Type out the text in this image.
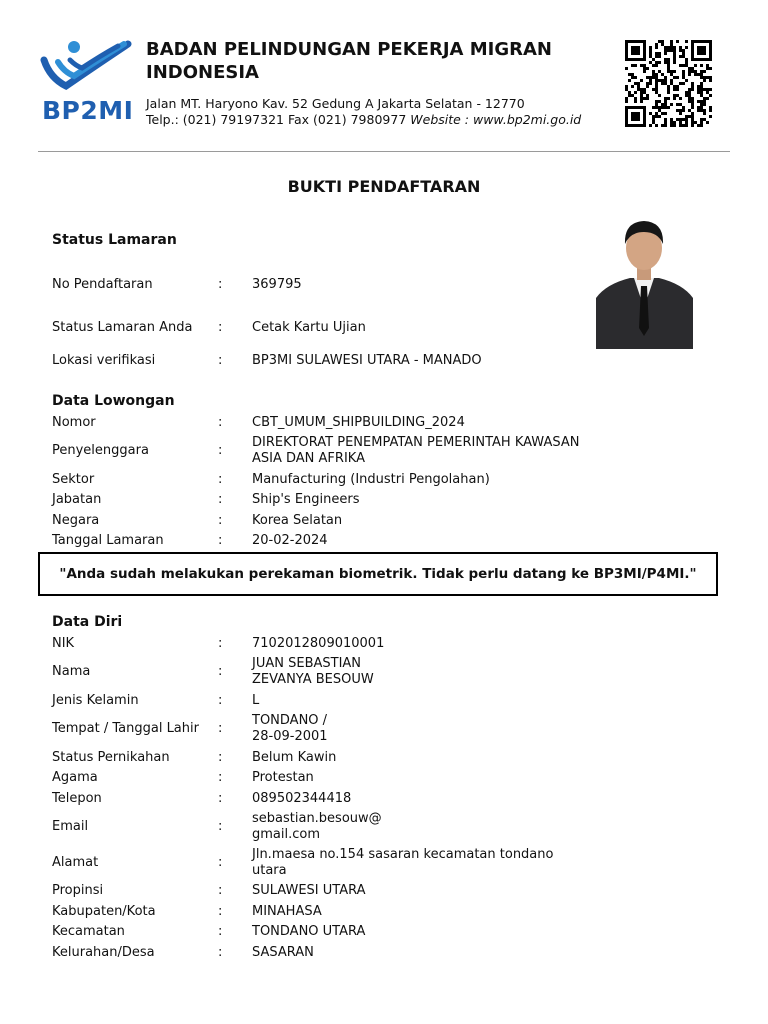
BP2MI
BADAN PELINDUNGAN PEKERJA MIGRAN
INDONESIA
Jalan MT. Haryono Kav. 52 Gedung A Jakarta Selatan - 12770
Telp.: (021) 79197321 Fax (021) 7980977 Website : www.bp2mi.go.id
BUKTI PENDAFTARAN
Status Lamaran
No Pendaftaran	: 369795
Status Lamaran Anda : Cetak Kartu Ujian
Lokasi verifikasi	: BP3MI SULAWESI UTARA - MANADO
Data Lowongan
Nomor	: CBT_UMUM_SHIPBUILDING_2024
Penyelenggara	:
DIREKTORAT PENEMPATAN PEMERINTAH KAWASAN
ASIA DAN AFRIKA
Sektor	: Manufacturing (Industri Pengolahan)
Jabatan	: Ship's Engineers
Negara	: Korea Selatan
Tanggal Lamaran	: 20-02-2024
"Anda sudah melakukan perekaman biometrik. Tidak perlu datang ke BP3MI/P4MI."
Data Diri
NIK	: 7102012809010001
Nama	:
JUAN SEBASTIAN
ZEVANYA BESOUW
Jenis Kelamin	: L
Tempat / Tanggal Lahir :
TONDANO /
28-09-2001
Status Pernikahan	: Belum Kawin
Agama	: Protestan
Telepon	: 089502344418
Email	:
sebastian.besouw@
gmail.com
Alamat	:
Jln.maesa no.154 sasaran kecamatan tondano
utara
Propinsi	: SULAWESI UTARA
Kabupaten/Kota	: MINAHASA
Kecamatan	: TONDANO UTARA
Kelurahan/Desa	: SASARAN
